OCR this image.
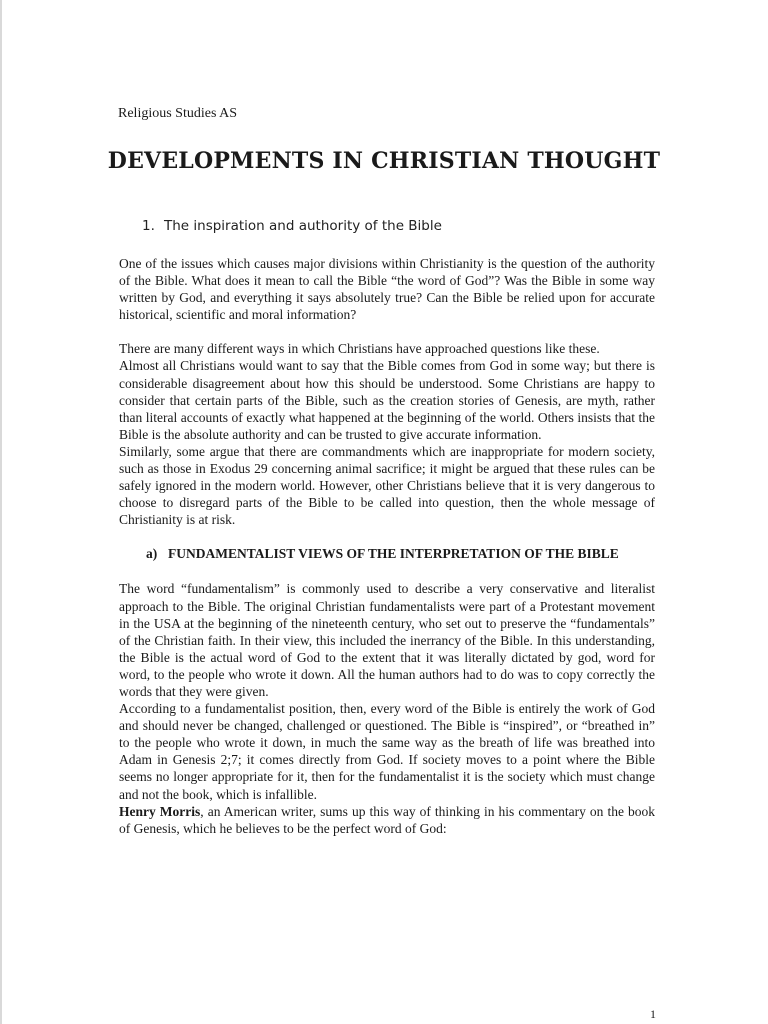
Religious Studies AS
DEVELOPMENTS IN CHRISTIAN THOUGHT
1. The inspiration and authority of the Bible

One of the issues which causes major divisions within Christianity is the question of the authority of the Bible. What does it mean to call the Bible “the word of God”? Was the Bible in some way written by God, and everything it says absolutely true? Can the Bible be relied upon for accurate historical, scientific and moral information?

There are many different ways in which Christians have approached questions like these.

Almost all Christians would want to say that the Bible comes from God in some way; but there is considerable disagreement about how this should be understood. Some Christians are happy to consider that certain parts of the Bible, such as the creation stories of Genesis, are myth, rather than literal accounts of exactly what happened at the beginning of the world. Others insists that the Bible is the absolute authority and can be trusted to give accurate information.

Similarly, some argue that there are commandments which are inappropriate for modern society, such as those in Exodus 29 concerning animal sacrifice; it might be argued that these rules can be safely ignored in the modern world. However, other Christians believe that it is very dangerous to choose to disregard parts of the Bible to be called into question, then the whole message of Christianity is at risk.

a) FUNDAMENTALIST VIEWS OF THE INTERPRETATION OF THE BIBLE

The word “fundamentalism” is commonly used to describe a very conservative and literalist approach to the Bible. The original Christian fundamentalists were part of a Protestant movement in the USA at the beginning of the nineteenth century, who set out to preserve the “fundamentals” of the Christian faith. In their view, this included the inerrancy of the Bible. In this understanding, the Bible is the actual word of God to the extent that it was literally dictated by god, word for word, to the people who wrote it down. All the human authors had to do was to copy correctly the words that they were given.

According to a fundamentalist position, then, every word of the Bible is entirely the work of God and should never be changed, challenged or questioned. The Bible is “inspired”, or “breathed in” to the people who wrote it down, in much the same way as the breath of life was breathed into Adam in Genesis 2;7; it comes directly from God. If society moves to a point where the Bible seems no longer appropriate for it, then for the fundamentalist it is the society which must change and not the book, which is infallible.

Henry Morris, an American writer, sums up this way of thinking in his commentary on the book of Genesis, which he believes to be the perfect word of God:

1
